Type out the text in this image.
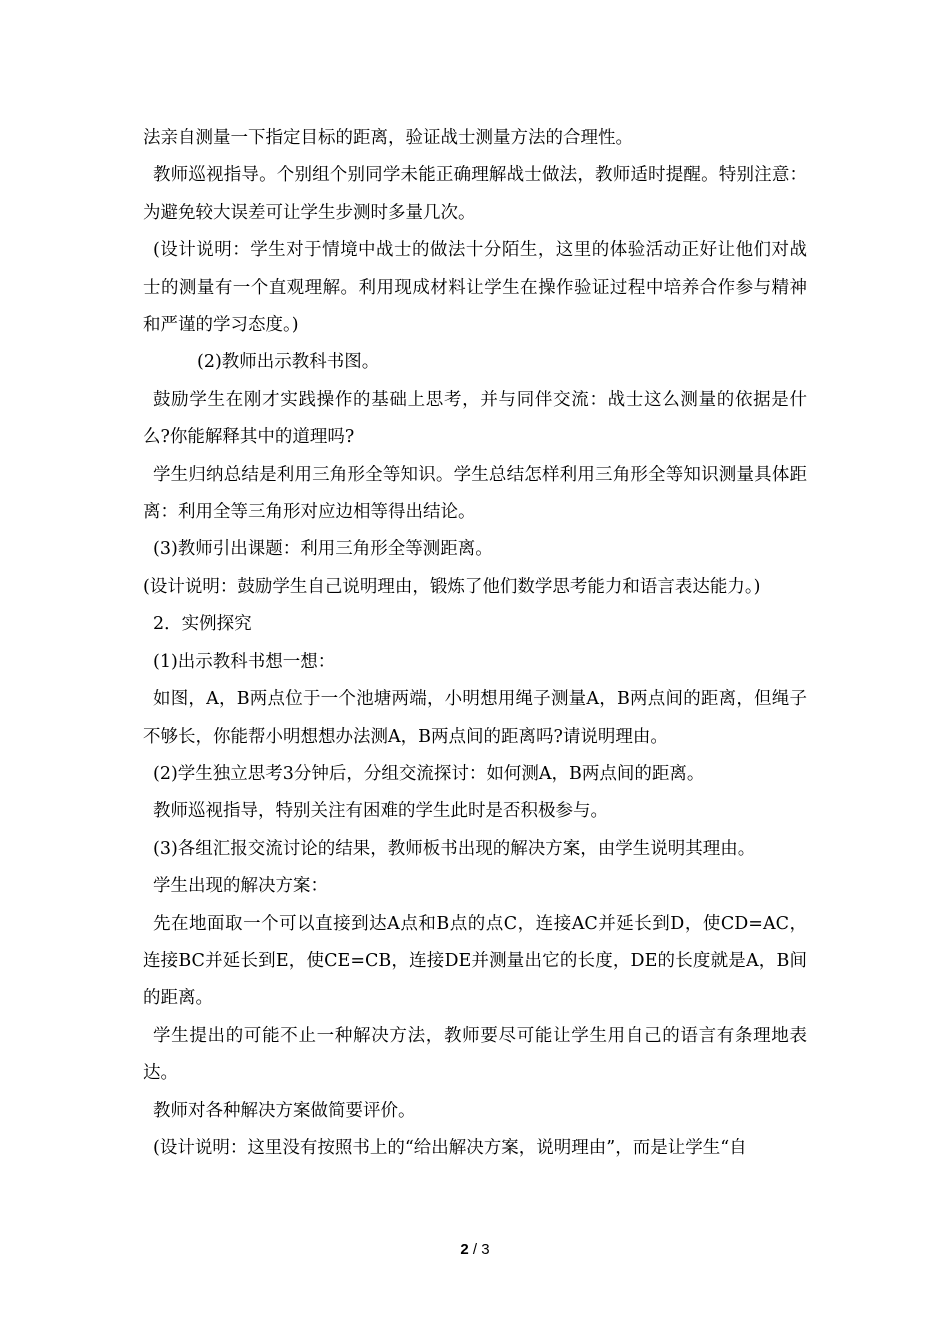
法亲自测量一下指定目标的距离，验证战士测量方法的合理性。

教师巡视指导。个别组个别同学未能正确理解战士做法，教师适时提醒。特别注意：为避免较大误差可让学生步测时多量几次。

(设计说明：学生对于情境中战士的做法十分陌生，这里的体验活动正好让他们对战士的测量有一个直观理解。利用现成材料让学生在操作验证过程中培养合作参与精神和严谨的学习态度。)

(2)教师出示教科书图。

鼓励学生在刚才实践操作的基础上思考，并与同伴交流：战士这么测量的依据是什么?你能解释其中的道理吗?

学生归纳总结是利用三角形全等知识。学生总结怎样利用三角形全等知识测量具体距离：利用全等三角形对应边相等得出结论。

(3)教师引出课题：利用三角形全等测距离。

(设计说明：鼓励学生自己说明理由，锻炼了他们数学思考能力和语言表达能力。)

2．实例探究

(1)出示教科书想一想：

如图，A，B两点位于一个池塘两端，小明想用绳子测量A，B两点间的距离，但绳子不够长，你能帮小明想想办法测A，B两点间的距离吗?请说明理由。

(2)学生独立思考3分钟后，分组交流探讨：如何测A，B两点间的距离。

教师巡视指导，特别关注有困难的学生此时是否积极参与。

(3)各组汇报交流讨论的结果，教师板书出现的解决方案，由学生说明其理由。

学生出现的解决方案：

先在地面取一个可以直接到达A点和B点的点C，连接AC并延长到D，使CD=AC，连接BC并延长到E，使CE=CB，连接DE并测量出它的长度，DE的长度就是A，B间的距离。

学生提出的可能不止一种解决方法，教师要尽可能让学生用自己的语言有条理地表达。

教师对各种解决方案做简要评价。

(设计说明：这里没有按照书上的“给出解决方案，说明理由”，而是让学生“自

2 / 3
